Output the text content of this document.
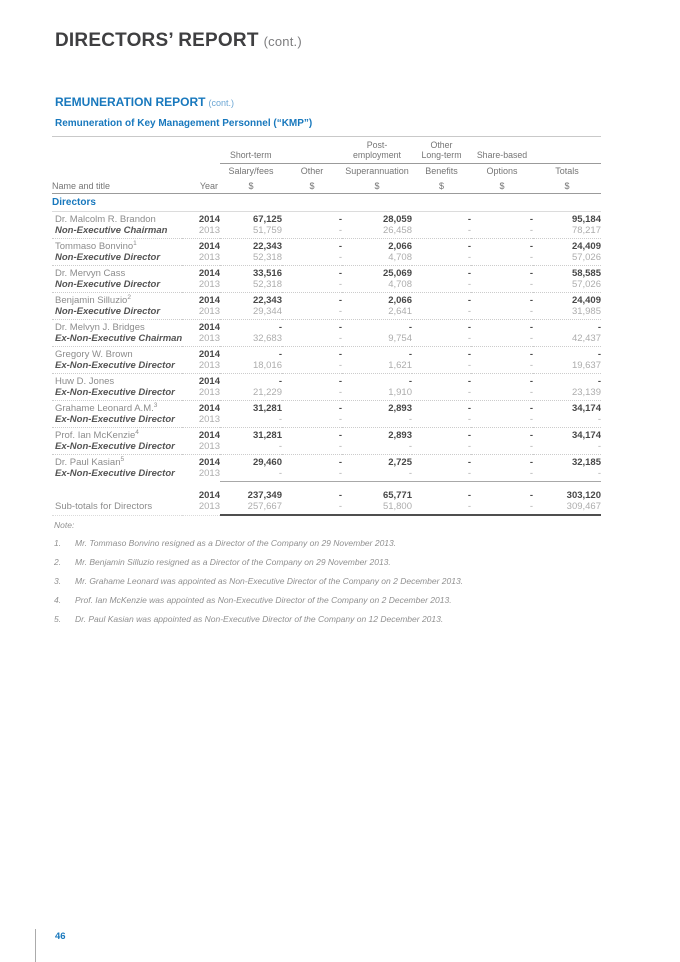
DIRECTORS’ REPORT (cont.)
REMUNERATION REPORT (cont.)
Remuneration of Key Management Personnel (“KMP”)
		Short-term		Post-
employment	Other
Long-term	Share-based	
		Salary/fees	Other	Superannuation	Benefits	Options	Totals
Name and title	Year	$	$	$	$	$	$
Directors							
Dr. Malcolm R. Brandon	2014	67,125	-	28,059	-	-	95,184
Non-Executive Chairman	2013	51,759	-	26,458	-	-	78,217
Tommaso Bonvino$^1$	2014	22,343	-	2,066	-	-	24,409
Non-Executive Director	2013	52,318	-	4,708	-	-	57,026
Dr. Mervyn Cass	2014	33,516	-	25,069	-	-	58,585
Non-Executive Director	2013	52,318	-	4,708	-	-	57,026
Benjamin Silluzio$^2$	2014	22,343	-	2,066	-	-	24,409
Non-Executive Director	2013	29,344	-	2,641	-	-	31,985
Dr. Melvyn J. Bridges	2014	-	-	-	-	-	-
Ex-Non-Executive Chairman	2013	32,683	-	9,754	-	-	42,437
Gregory W. Brown	2014	-	-	-	-	-	-
Ex-Non-Executive Director	2013	18,016	-	1,621	-	-	19,637
Huw D. Jones	2014	-	-	-	-	-	-
Ex-Non-Executive Director	2013	21,229	-	1,910	-	-	23,139
Grahame Leonard A.M.$^3$	2014	31,281	-	2,893	-	-	34,174
Ex-Non-Executive Director	2013	-	-	-	-	-	-
Prof. Ian McKenzie$^4$	2014	31,281	-	2,893	-	-	34,174
Ex-Non-Executive Director	2013	-	-	-	-	-	-
Dr. Paul Kasian$^5$	2014	29,460	-	2,725	-	-	32,185
Ex-Non-Executive Director	2013	-	-	-	-	-	-

	2014	237,349	-	65,771	-	-	303,120
Sub-totals for Directors	2013	257,667	-	51,800	-	-	309,467
Note:
1.	Mr. Tommaso Bonvino resigned as a Director of the Company on 29 November 2013.
2.	Mr. Benjamin Silluzio resigned as a Director of the Company on 29 November 2013.
3.	Mr. Grahame Leonard was appointed as Non-Executive Director of the Company on 2 December 2013.
4.	Prof. Ian McKenzie was appointed as Non-Executive Director of the Company on 2 December 2013.
5.	Dr. Paul Kasian was appointed as Non-Executive Director of the Company on 12 December 2013.
46
